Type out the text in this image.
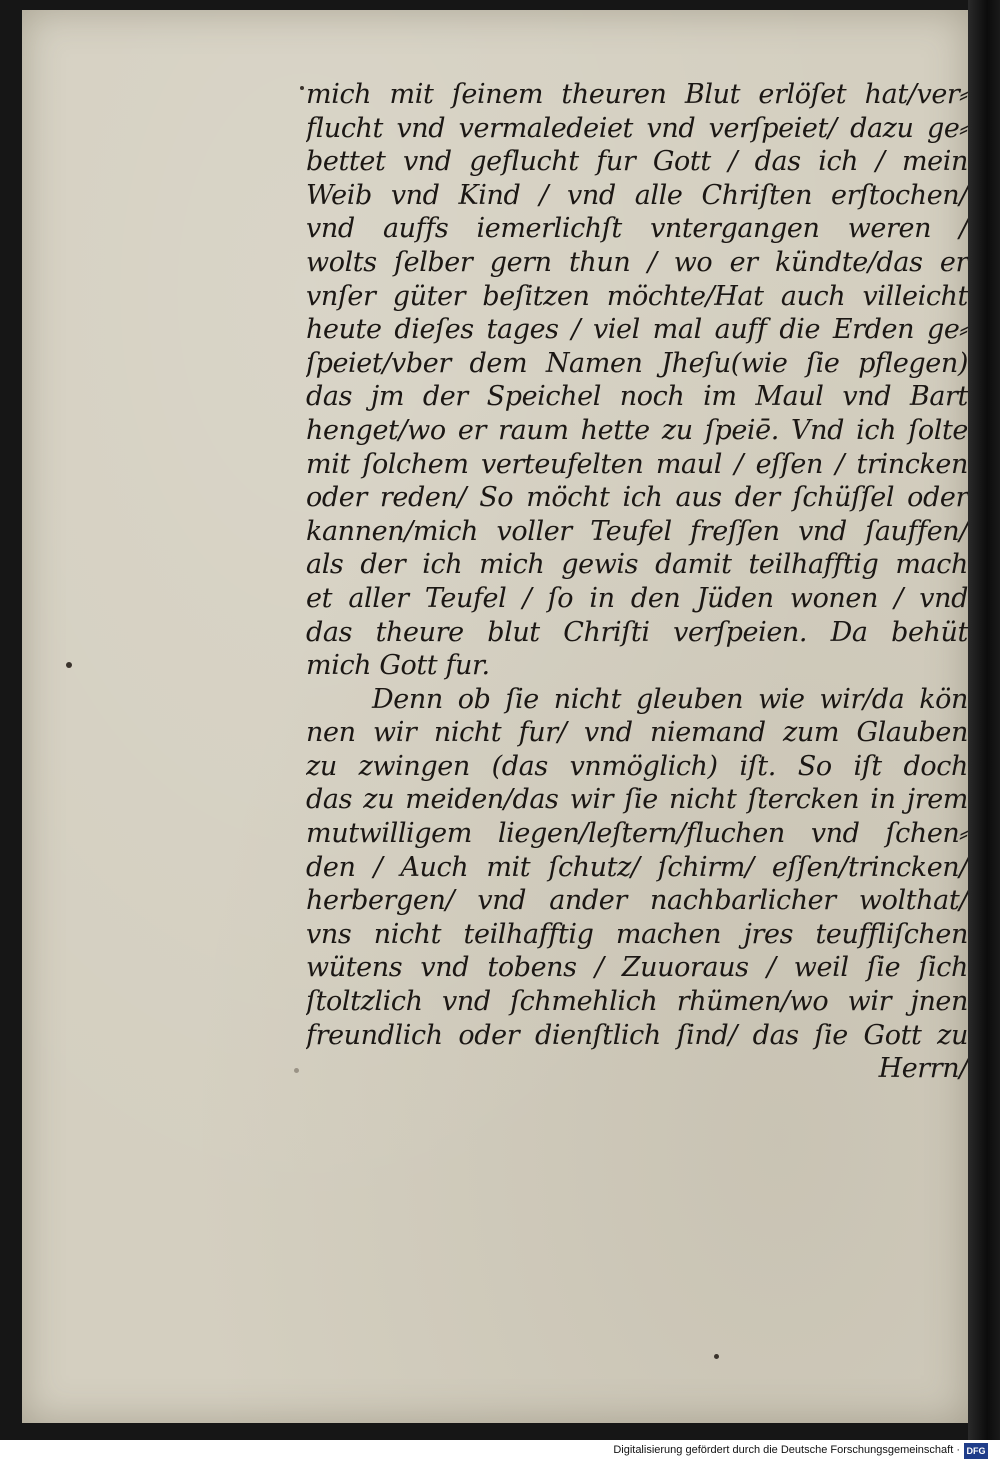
mich mit ſeinem theuren Blut erlöſet hat/ver⸗
flucht vnd vermaledeiet vnd verſpeiet/ dazu ge⸗
bettet vnd geflucht fur Gott / das ich / mein
Weib vnd Kind / vnd alle Chriſten erſtochen/
vnd auffs iemerlichſt vntergangen weren /
wolts ſelber gern thun / wo er kündte/das er
vnſer güter beſitzen möchte/Hat auch villeicht
heute dieſes tages / viel mal auff die Erden ge⸗
ſpeiet/vber dem Namen Jheſu(wie ſie pflegen)
das jm der Speichel noch im Maul vnd Bart
henget/wo er raum hette zu ſpeiē. Vnd ich ſolte
mit ſolchem verteufelten maul / eſſen / trincken
oder reden/ So möcht ich aus der ſchüſſel oder
kannen/mich voller Teufel freſſen vnd ſauffen/
als der ich mich gewis damit teilhafftig mach
et aller Teufel / ſo in den Jüden wonen / vnd
das theure blut Chriſti verſpeien. Da behüt
mich Gott fur.
Denn ob ſie nicht gleuben wie wir/da kön
nen wir nicht fur/ vnd niemand zum Glauben
zu zwingen (das vnmöglich) iſt. So iſt doch
das zu meiden/das wir ſie nicht ſtercken in jrem
mutwilligem liegen/leſtern/fluchen vnd ſchen⸗
den / Auch mit ſchutz/ ſchirm/ eſſen/trincken/
herbergen/ vnd ander nachbarlicher wolthat/
vns nicht teilhafftig machen jres teuffliſchen
wütens vnd tobens / Zuuoraus / weil ſie ſich
ſtoltzlich vnd ſchmehlich rhümen/wo wir jnen
freundlich oder dienſtlich ſind/ das ſie Gott zu
Herrn/
Digitalisierung gefördert durch die Deutsche Forschungsgemeinschaft · DFG
